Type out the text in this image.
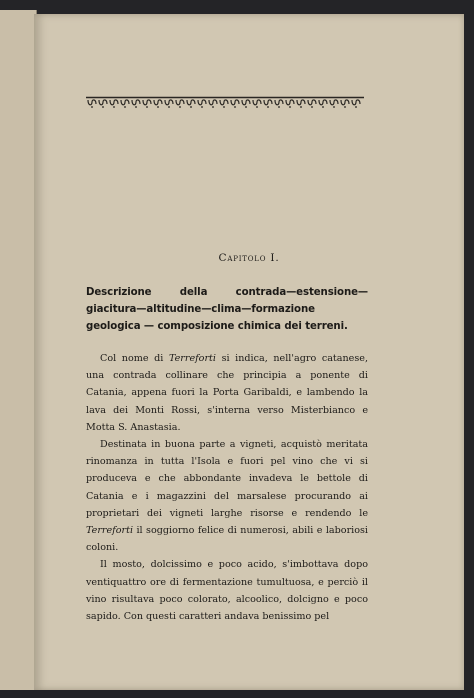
Capitolo I.
Descrizione della contrada—estensione—giacitura—altitudine—clima—formazione geologica — composizione chimica dei terreni.

Col nome di Terreforti si indica, nell'agro catanese, una contrada collinare che principia a ponente di Catania, appena fuori la Porta Garibaldi, e lambendo la lava dei Monti Rossi, s'interna verso Misterbianco e Motta S. Anastasia.

Destinata in buona parte a vigneti, acquistò meritata rinomanza in tutta l'Isola e fuori pel vino che vi si produceva e che abbondante invadeva le bettole di Catania e i magazzini del marsalese procurando ai proprietari dei vigneti larghe risorse e rendendo le Terreforti il soggiorno felice di numerosi, abili e laboriosi coloni.

Il mosto, dolcissimo e poco acido, s'imbottava dopo ventiquattro ore di fermentazione tumultuosa, e perciò il vino risultava poco colorato, alcoolico, dolcigno e poco sapido. Con questi caratteri andava benissimo pel
